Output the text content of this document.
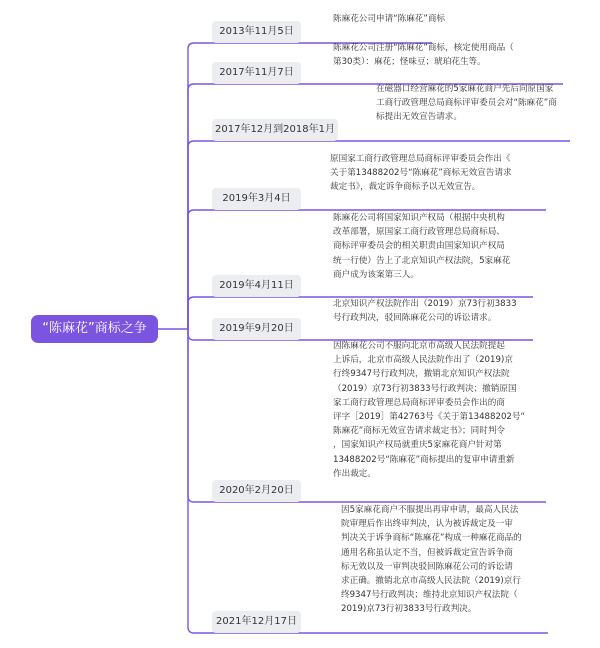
“陈麻花”商标之争
2013年11月5日

陈麻花公司申请“陈麻花”商标

2017年11月7日

陈麻花公司注册“陈麻花”商标，核定使用商品（
第30类）：麻花；怪味豆；琥珀花生等。

2017年12月到2018年1月

在磁器口经营麻花的5家麻花商户先后向原国家
工商行政管理总局商标评审委员会对“陈麻花”商
标提出无效宣告请求。

2019年3月4日

原国家工商行政管理总局商标评审委员会作出《
关于第13488202号“陈麻花”商标无效宣告请求
裁定书》，裁定诉争商标予以无效宣告。

2019年4月11日

陈麻花公司将国家知识产权局（根据中央机构
改革部署，原国家工商行政管理总局商标局、
商标评审委员会的相关职责由国家知识产权局
统一行使）告上了北京知识产权法院，5家麻花
商户成为该案第三人。

2019年9月20日

北京知识产权法院作出（2019）京73行初3833
号行政判决，驳回陈麻花公司的诉讼请求。

2020年2月20日

因陈麻花公司不服向北京市高级人民法院提起
上诉后，北京市高级人民法院作出了（2019)京
行终9347号行政判决，撤销北京知识产权法院
（2019）京73行初3833号行政判决；撤销原国
家工商行政管理总局商标评审委员会作出的商
评字［2019］第42763号《关于第13488202号“
陈麻花”商标无效宣告请求裁定书》；同时判令
，国家知识产权局就重庆5家麻花商户针对第
13488202号“陈麻花”商标提出的复审申请重新
作出裁定。

2021年12月17日

因5家麻花商户不服提出再审申请，最高人民法
院审理后作出终审判决，认为被诉裁定及一审
判决关于诉争商标“陈麻花”构成一种麻花商品的
通用名称虽认定不当，但被诉裁定宣告诉争商
标无效以及一审判决驳回陈麻花公司的诉讼请
求正确。撤销北京市高级人民法院（2019)京行
终9347号行政判决；维持北京知识产权法院（
2019)京73行初3833号行政判决。
